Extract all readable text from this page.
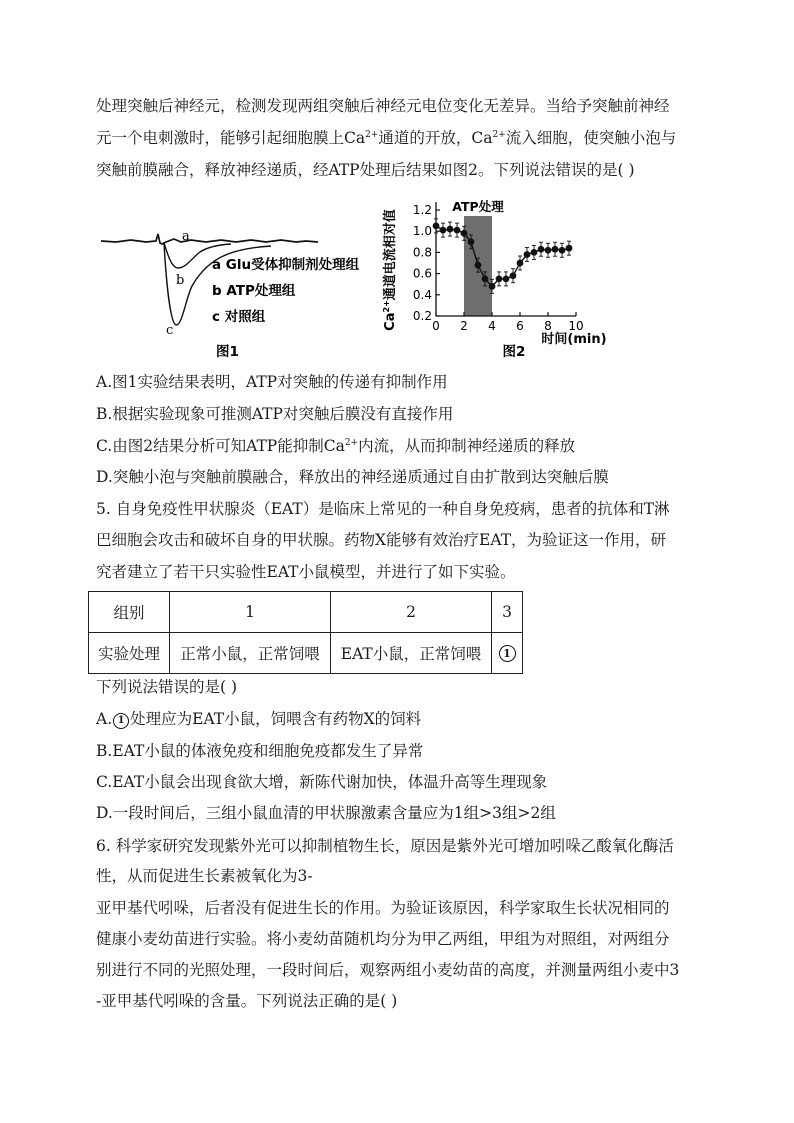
处理突触后神经元，检测发现两组突触后神经元电位变化无差异。当给予突触前神经
元一个电刺激时，能够引起细胞膜上$Ca^{2+}$通道的开放，$Ca^{2+}$流入细胞，使突触小泡与
突触前膜融合，释放神经递质，经ATP处理后结果如图2。下列说法错误的是( )
a
b
c
a Glu受体抑制剂处理组
b ATP处理组
c 对照组
图1
ATP处理
0.2
0.4
0.6
0.8
1.0
1.2
0 2 4 6 8 10
$Ca^{2+}$通道电流相对值
时间(min)
图2
A.图1实验结果表明，ATP对突触的传递有抑制作用
B.根据实验现象可推测ATP对突触后膜没有直接作用
C.由图2结果分析可知ATP能抑制$Ca^{2+}$内流，从而抑制神经递质的释放
D.突触小泡与突触前膜融合，释放出的神经递质通过自由扩散到达突触后膜
5. 自身免疫性甲状腺炎（EAT）是临床上常见的一种自身免疫病，患者的抗体和T淋
巴细胞会攻击和破坏自身的甲状腺。药物X能够有效治疗EAT，为验证这一作用，研
究者建立了若干只实验性EAT小鼠模型，并进行了如下实验。
组别	1	2	3
实验处理	正常小鼠，正常饲喂	EAT小鼠，正常饲喂	1
下列说法错误的是( )
A. 1 处理应为EAT小鼠，饲喂含有药物X的饲料
B.EAT小鼠的体液免疫和细胞免疫都发生了异常
C.EAT小鼠会出现食欲大增，新陈代谢加快，体温升高等生理现象
D.一段时间后，三组小鼠血清的甲状腺激素含量应为1组>3组>2组
6. 科学家研究发现紫外光可以抑制植物生长，原因是紫外光可增加吲哚乙酸氧化酶活
性，从而促进生长素被氧化为3-
亚甲基代吲哚，后者没有促进生长的作用。为验证该原因，科学家取生长状况相同的
健康小麦幼苗进行实验。将小麦幼苗随机均分为甲乙两组，甲组为对照组，对两组分
别进行不同的光照处理，一段时间后，观察两组小麦幼苗的高度，并测量两组小麦中3
-亚甲基代吲哚的含量。下列说法正确的是( )
